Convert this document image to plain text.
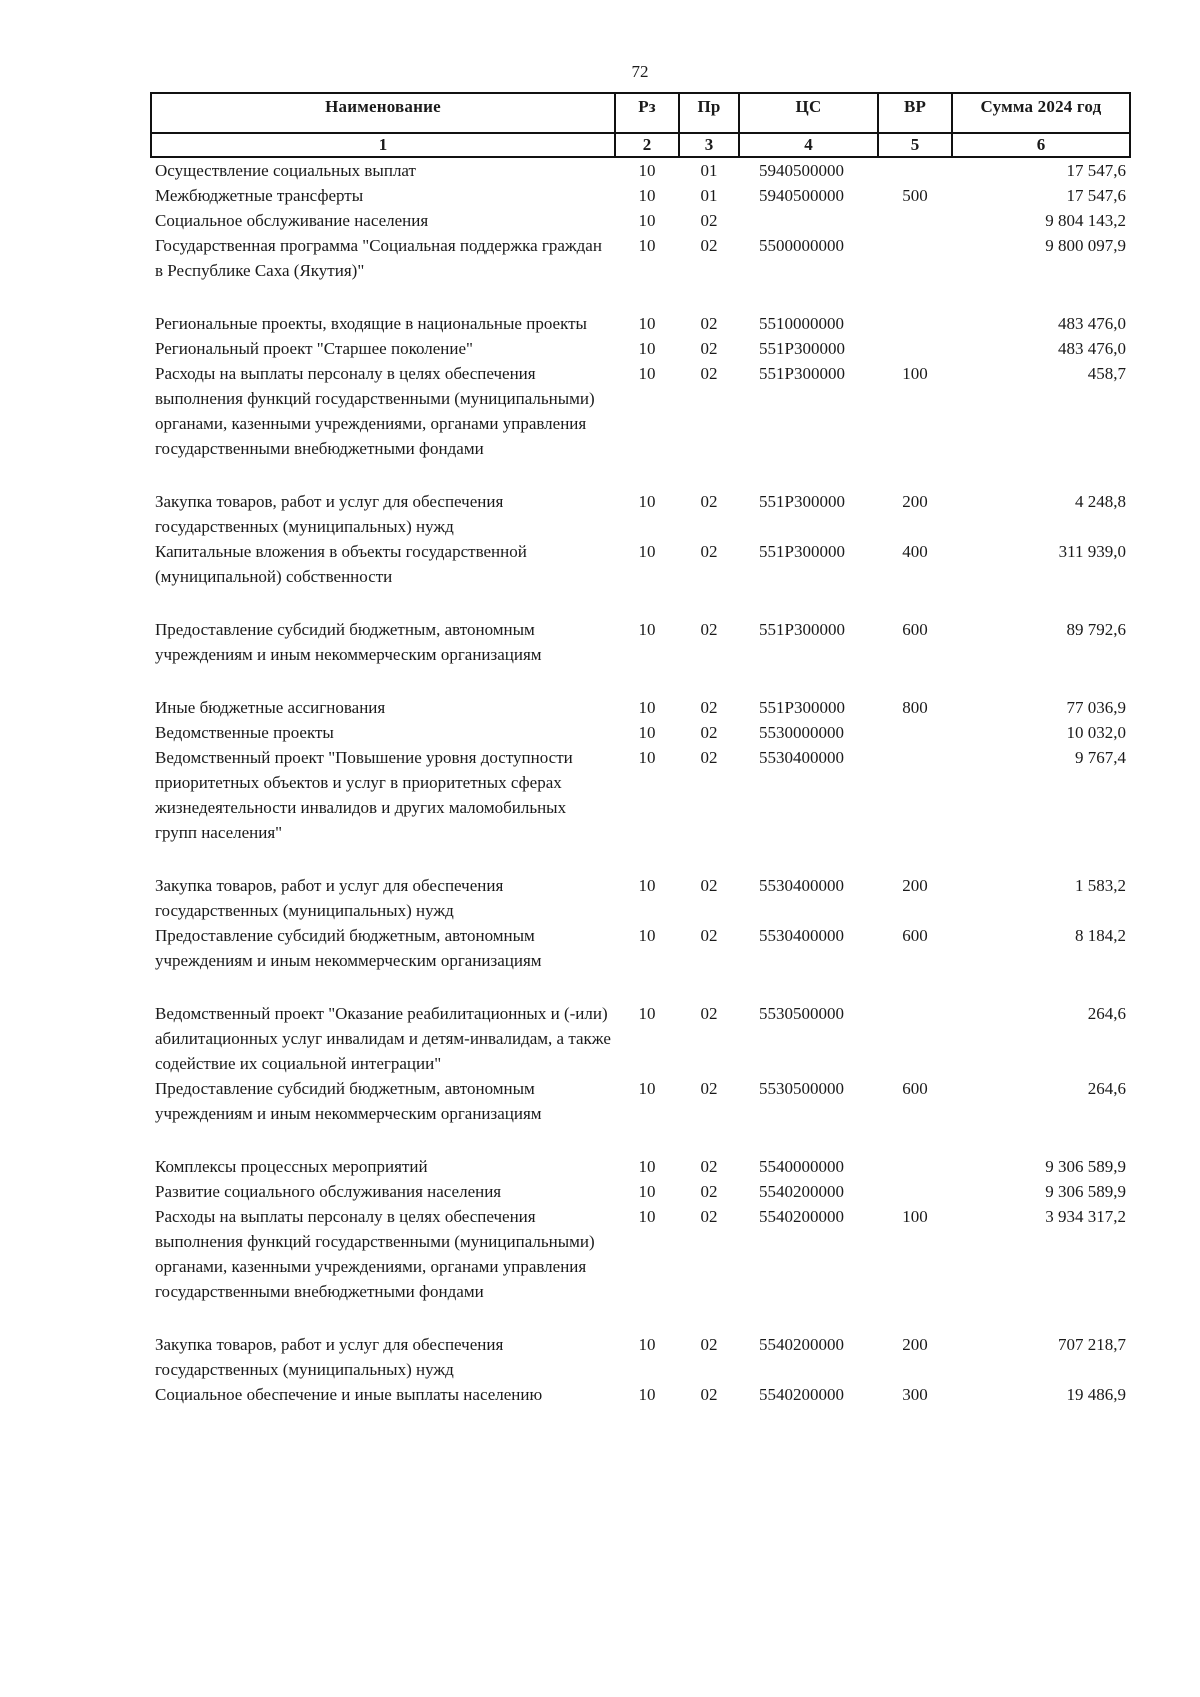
72
Наименование	Рз	Пр	ЦС	ВР	Сумма 2024 год
1	2	3	4	5	6
Осуществление социальных выплат	10	01	5940500000		17 547,6
Межбюджетные трансферты	10	01	5940500000	500	17 547,6
Социальное обслуживание населения	10	02			9 804 143,2
Государственная программа "Социальная поддержка граждан в Республике Саха (Якутия)"	10	02	5500000000		9 800 097,9
Региональные проекты, входящие в национальные проекты	10	02	5510000000		483 476,0
Региональный проект "Старшее поколение"	10	02	551P300000		483 476,0
Расходы на выплаты персоналу в целях обеспечения выполнения функций государственными (муниципальными) органами, казенными учреждениями, органами управления государственными внебюджетными фондами	10	02	551P300000	100	458,7
Закупка товаров, работ и услуг для обеспечения государственных (муниципальных) нужд	10	02	551P300000	200	4 248,8
Капитальные вложения в объекты государственной (муниципальной) собственности	10	02	551P300000	400	311 939,0
Предоставление субсидий бюджетным, автономным учреждениям и иным некоммерческим организациям	10	02	551P300000	600	89 792,6
Иные бюджетные ассигнования	10	02	551P300000	800	77 036,9
Ведомственные проекты	10	02	5530000000		10 032,0
Ведомственный проект "Повышение уровня доступности приоритетных объектов и услуг в приоритетных сферах жизнедеятельности инвалидов и других маломобильных групп населения"	10	02	5530400000		9 767,4
Закупка товаров, работ и услуг для обеспечения государственных (муниципальных) нужд	10	02	5530400000	200	1 583,2
Предоставление субсидий бюджетным, автономным учреждениям и иным некоммерческим организациям	10	02	5530400000	600	8 184,2
Ведомственный проект "Оказание реабилитационных и (-или) абилитационных услуг инвалидам и детям-инвалидам, а также содействие их социальной интеграции"	10	02	5530500000		264,6
Предоставление субсидий бюджетным, автономным учреждениям и иным некоммерческим организациям	10	02	5530500000	600	264,6
Комплексы процессных мероприятий	10	02	5540000000		9 306 589,9
Развитие социального обслуживания населения	10	02	5540200000		9 306 589,9
Расходы на выплаты персоналу в целях обеспечения выполнения функций государственными (муниципальными) органами, казенными учреждениями, органами управления государственными внебюджетными фондами	10	02	5540200000	100	3 934 317,2
Закупка товаров, работ и услуг для обеспечения государственных (муниципальных) нужд	10	02	5540200000	200	707 218,7
Социальное обеспечение и иные выплаты населению	10	02	5540200000	300	19 486,9
